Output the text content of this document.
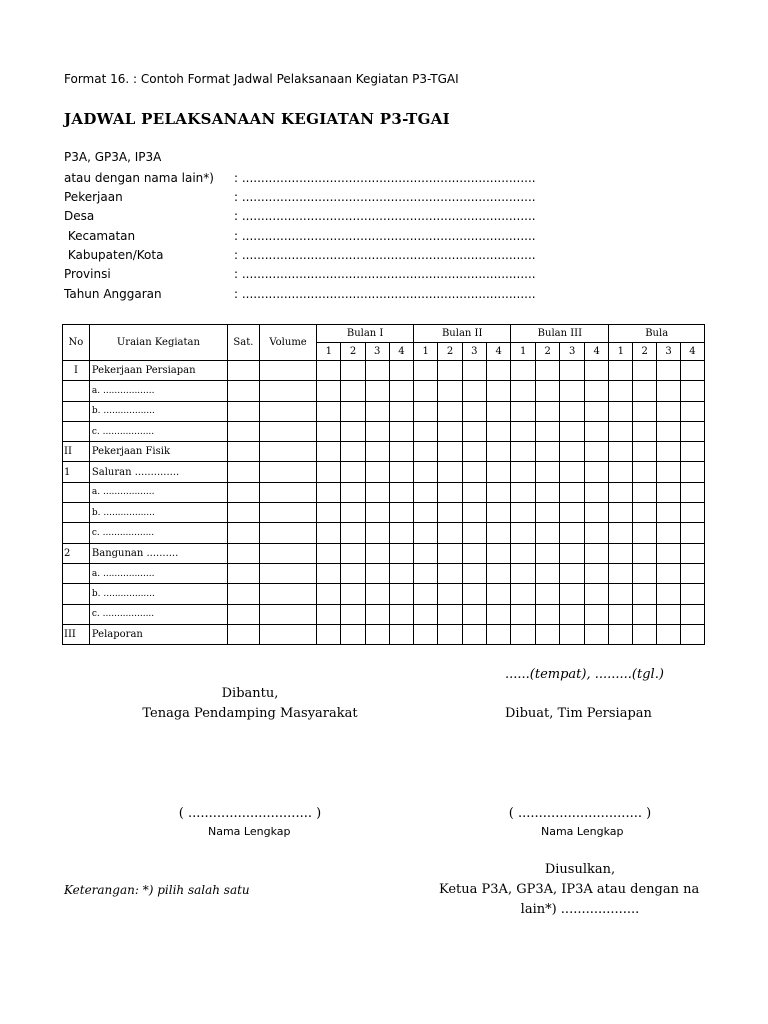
Format 16. : Contoh Format Jadwal Pelaksanaan Kegiatan P3-TGAI
JADWAL PELAKSANAAN KEGIATAN P3-TGAI
P3A, GP3A, IP3A
atau dengan nama lain*) : .............................................................................
Pekerjaan	: .............................................................................
Desa	: .............................................................................
Kecamatan	: .............................................................................
Kabupaten/Kota	: .............................................................................
Provinsi	: .............................................................................
Tahun Anggaran	: .............................................................................
No	Uraian Kegiatan	Sat.	Volume	Bulan I				Bulan II				Bulan III				Bula			
				1	2	3	4	1	2	3	4	1	2	3	4	1	2	3	4
I	Pekerjaan Persiapan																		
	a. ..................																		
	b. ..................																		
	c. ..................																		
II	Pekerjaan Fisik																		
1	Saluran ..............																		
	a. ..................																		
	b. ..................																		
	c. ..................																		
2	Bangunan ..........																		
	a. ..................																		
	b. ..................																		
	c. ..................																		
III	Pelaporan																		
......(tempat), .........(tgl.)
Dibantu,
Tenaga Pendamping Masyarakat	Dibuat, Tim Persiapan
( .............................. )	( .............................. )
Nama Lengkap	Nama Lengkap
Diusulkan,
Ketua P3A, GP3A, IP3A atau dengan na
lain*) ...................
Keterangan: *) pilih salah satu
